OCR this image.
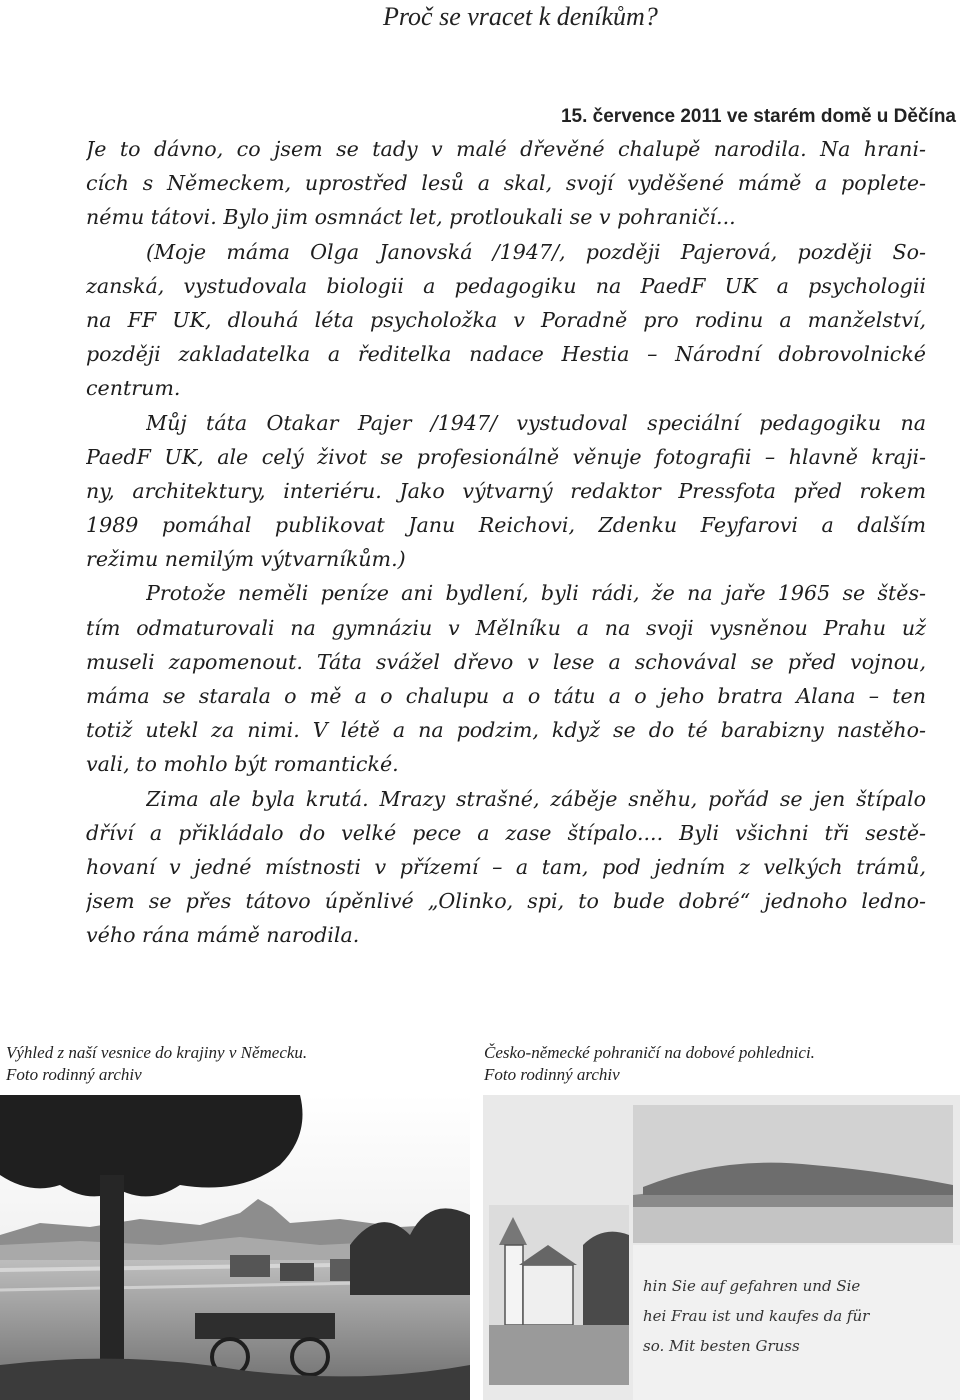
Proč se vracet k deníkům?
15. července 2011 ve starém domě u Děčína
Je to dávno, co jsem se tady v malé dřevěné chalupě narodila. Na hrani-
cích s Německem, uprostřed lesů a skal, svojí vyděšené mámě a poplete-
nému tátovi. Bylo jim osmnáct let, protloukali se v pohraničí...
(Moje máma Olga Janovská /1947/, později Pajerová, později So-
zanská, vystudovala biologii a pedagogiku na PaedF UK a psychologii
na FF UK, dlouhá léta psycholožka v Poradně pro rodinu a manželství,
později zakladatelka a ředitelka nadace Hestia – Národní dobrovolnické
centrum.
Můj táta Otakar Pajer /1947/ vystudoval speciální pedagogiku na
PaedF UK, ale celý život se profesionálně věnuje fotografii – hlavně kraji-
ny, architektury, interiéru. Jako výtvarný redaktor Pressfota před rokem
1989 pomáhal publikovat Janu Reichovi, Zdenku Feyfarovi a dalším
režimu nemilým výtvarníkům.)
Protože neměli peníze ani bydlení, byli rádi, že na jaře 1965 se štěs-
tím odmaturovali na gymnáziu v Mělníku a na svoji vysněnou Prahu už
museli zapomenout. Táta svážel dřevo v lese a schovával se před vojnou,
máma se starala o mě a o chalupu a o tátu a o jeho bratra Alana – ten
totiž utekl za nimi. V létě a na podzim, když se do té barabizny nastěho-
vali, to mohlo být romantické.
Zima ale byla krutá. Mrazy strašné, záběje sněhu, pořád se jen štípalo
dříví a přikládalo do velké pece a zase štípalo.... Byli všichni tři sestě-
hovaní v jedné místnosti v přízemí – a tam, pod jedním z velkých trámů,
jsem se přes tátovo úpěnlivé „Olinko, spi, to bude dobré“ jednoho ledno-
vého rána mámě narodila.
Výhled z naší vesnice do krajiny v Německu.
Foto rodinný archiv
Česko-německé pohraničí na dobové pohlednici.
Foto rodinný archiv
hin Sie auf gefahren und Sie
hei Frau ist und kaufes da für
so. Mit besten Gruss
